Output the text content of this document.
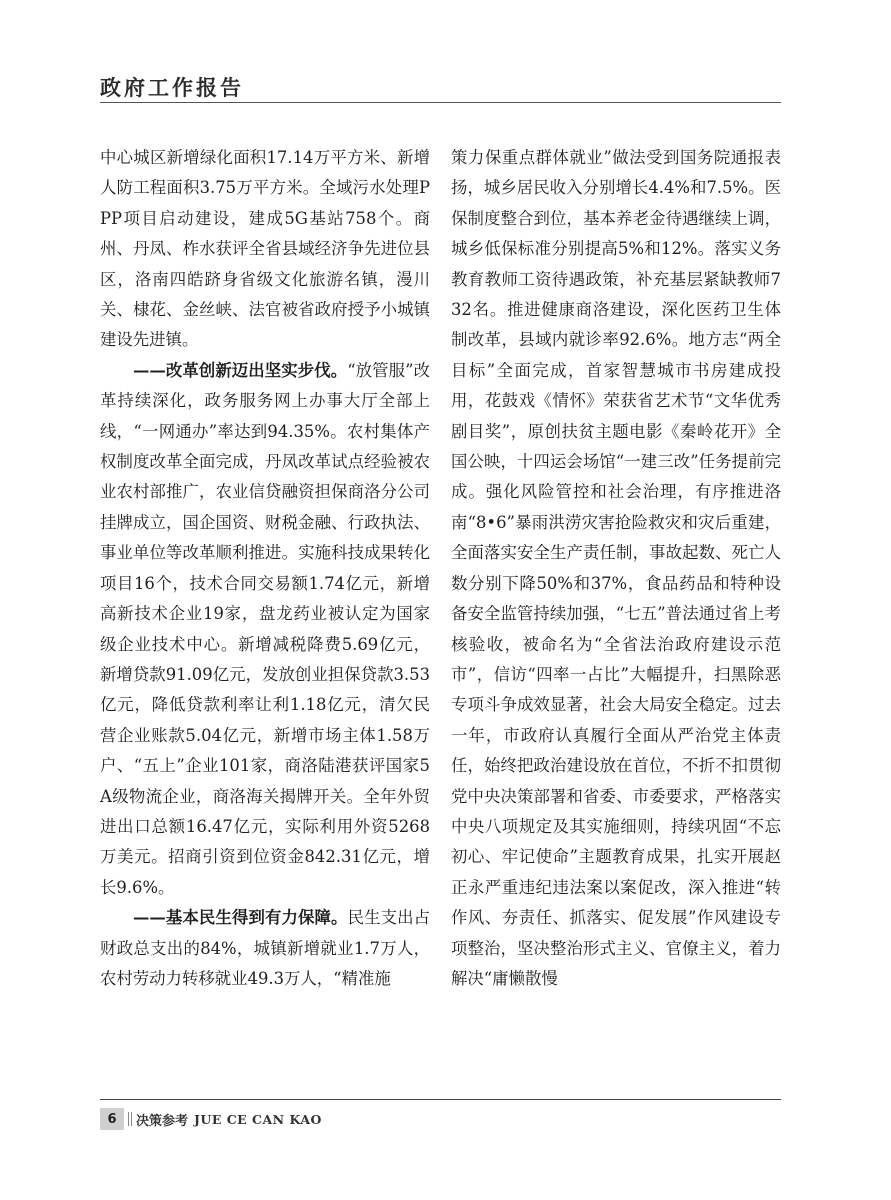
政府工作报告

中心城区新增绿化面积17.14万平方米、新增人防工程面积3.75万平方米。全域污水处理PPP项目启动建设，建成5G基站758个。商州、丹凤、柞水获评全省县域经济争先进位县区，洛南四皓跻身省级文化旅游名镇，漫川关、棣花、金丝峡、法官被省政府授予小城镇建设先进镇。

——改革创新迈出坚实步伐。“放管服”改革持续深化，政务服务网上办事大厅全部上线，“一网通办”率达到94.35%。农村集体产权制度改革全面完成，丹凤改革试点经验被农业农村部推广，农业信贷融资担保商洛分公司挂牌成立，国企国资、财税金融、行政执法、事业单位等改革顺利推进。实施科技成果转化项目16个，技术合同交易额1.74亿元，新增高新技术企业19家，盘龙药业被认定为国家级企业技术中心。新增减税降费5.69亿元，新增贷款91.09亿元，发放创业担保贷款3.53亿元，降低贷款利率让利1.18亿元，清欠民营企业账款5.04亿元，新增市场主体1.58万户、“五上”企业101家，商洛陆港获评国家5A级物流企业，商洛海关揭牌开关。全年外贸进出口总额16.47亿元，实际利用外资5268万美元。招商引资到位资金842.31亿元，增长9.6%。

——基本民生得到有力保障。民生支出占财政总支出的84%，城镇新增就业1.7万人，农村劳动力转移就业49.3万人，“精准施

策力保重点群体就业”做法受到国务院通报表扬，城乡居民收入分别增长4.4%和7.5%。医保制度整合到位，基本养老金待遇继续上调，城乡低保标准分别提高5%和12%。落实义务教育教师工资待遇政策，补充基层紧缺教师732名。推进健康商洛建设，深化医药卫生体制改革，县域内就诊率92.6%。地方志“两全目标”全面完成，首家智慧城市书房建成投用，花鼓戏《情怀》荣获省艺术节“文华优秀剧目奖”，原创扶贫主题电影《秦岭花开》全国公映，十四运会场馆“一建三改”任务提前完成。强化风险管控和社会治理，有序推进洛南“8•6”暴雨洪涝灾害抢险救灾和灾后重建，全面落实安全生产责任制，事故起数、死亡人数分别下降50%和37%，食品药品和特种设备安全监管持续加强，“七五”普法通过省上考核验收，被命名为“全省法治政府建设示范市”，信访“四率一占比”大幅提升，扫黑除恶专项斗争成效显著，社会大局安全稳定。过去一年，市政府认真履行全面从严治党主体责任，始终把政治建设放在首位，不折不扣贯彻党中央决策部署和省委、市委要求，严格落实中央八项规定及其实施细则，持续巩固“不忘初心、牢记使命”主题教育成果，扎实开展赵正永严重违纪违法案以案促改，深入推进“转作风、夯责任、抓落实、促发展”作风建设专项整治，坚决整治形式主义、官僚主义，着力解决“庸懒散慢

6	决策参考 JUE CE CAN KAO
